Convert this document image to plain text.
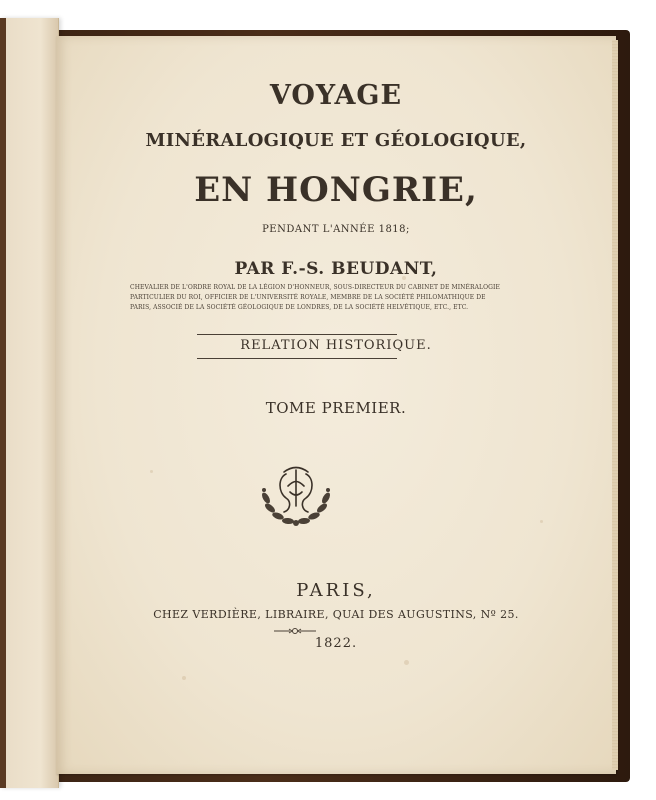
VOYAGE
MINÉRALOGIQUE ET GÉOLOGIQUE,
EN HONGRIE,
PENDANT L'ANNÉE 1818;
PAR F.-S. BEUDANT,
CHEVALIER DE L'ORDRE ROYAL DE LA LÉGION D'HONNEUR, SOUS-DIRECTEUR DU CABINET DE MINÉRALOGIE
PARTICULIER DU ROI, OFFICIER DE L'UNIVERSITÉ ROYALE, MEMBRE DE LA SOCIÉTÉ PHILOMATHIQUE DE
PARIS, ASSOCIÉ DE LA SOCIÉTÉ GÉOLOGIQUE DE LONDRES, DE LA SOCIÉTÉ HELVÉTIQUE, ETC., ETC.
RELATION HISTORIQUE.
TOME PREMIER.
PARIS,
CHEZ VERDIÈRE, LIBRAIRE, QUAI DES AUGUSTINS, Nº 25.
1822.
